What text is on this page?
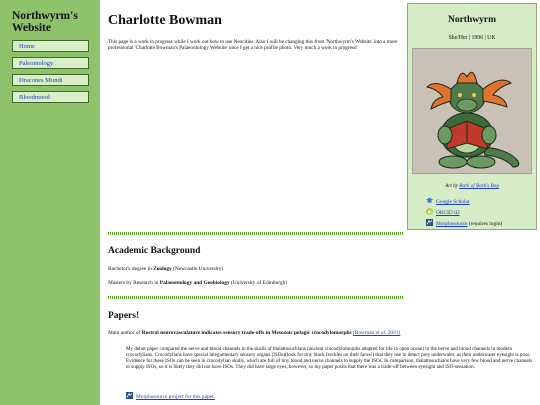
Northwyrm's Website
Home
Paleontology
Dracones Mundi
Bloodmood
Charlotte Bowman
This page is a work in progress while I work out how to use Neocities. Also I will be changing this from 'Northwyrm's Website' into a more professional 'Charlotte Bowman's Palaeontology Website' once I get a nice profile photo. Very much a work in progress!
Northwyrm
She/Her | 1996 | UK
Art by Bark of Bark's Bog
Google Scholar
ORCID iD
Morphosource (requires login)
Academic Background
Bachelor's degree in Zoology (Newcastle University)
Masters by Research in Palaeontology and Geobiology (University of Edinburgh)
Papers!
Main author of Rostral neurovasculature indicates sensory trade-offs in Mesozoic pelagic crocodylomorphs (Bowman et al. 2021)
My debut paper compared the nerve and blood channels in the skulls of thalattosuchians (ancient crocodylomorphs adapted for life in open ocean) to the nerve and blood channels in modern crocodylians. Crocodylians have special integumentary sensory organs (ISOs)(look for tiny black freckles on their faces!) that they use to detect prey underwater, as their underwater eyesight is poor. Evidence for these ISOs can be seen in crocodylian skulls, which are full of tiny blood and nerve channels to supply the ISOs. In comparison, thalattosuchians have very few blood and nerve channels to supply ISOs, so it is likely they did not have ISOs. They did have large eyes, however, so my paper posits that there was a trade-off between eyesight and ISO sensation.
Morphosource project for this paper.
